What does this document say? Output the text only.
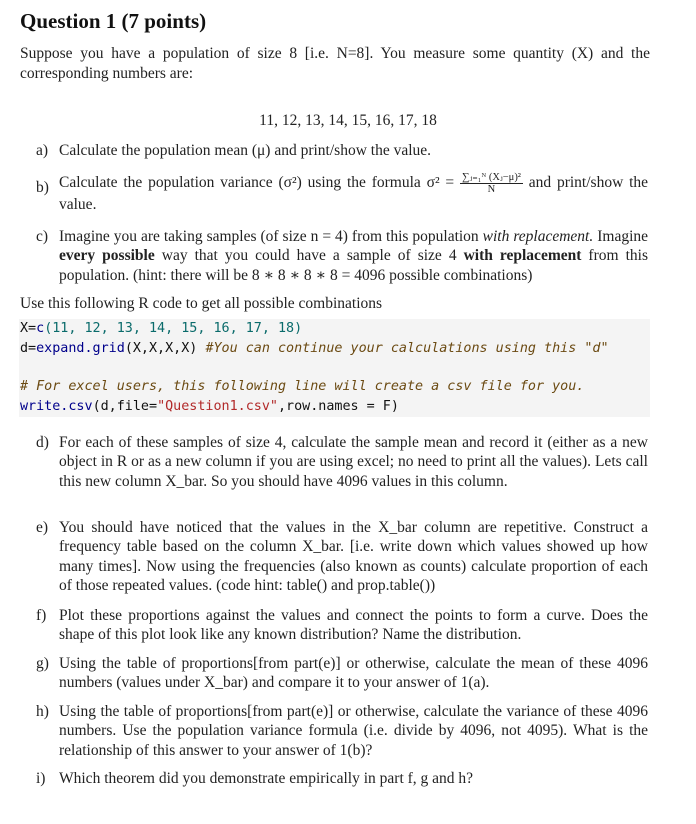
Question 1 (7 points)
Suppose you have a population of size 8 [i.e. N=8]. You measure some quantity (X) and the corresponding numbers are:
11, 12, 13, 14, 15, 16, 17, 18
a) Calculate the population mean (μ) and print/show the value.
b) Calculate the population variance (σ²) using the formula $\sigma^2 = \frac{\text{∑ⱼ₌₁ᴺ (Xⱼ−μ)²}}{N}$ and print/show the value.
c) Imagine you are taking samples (of size n = 4) from this population with replacement. Imagine every possible way that you could have a sample of size 4 with replacement from this population. (hint: there will be 8 ∗ 8 ∗ 8 ∗ 8 = 4096 possible combinations)
Use this following R code to get all possible combinations
X=c(11, 12, 13, 14, 15, 16, 17, 18)
d=expand.grid(X,X,X,X) #You can continue your calculations using this "d"
# For excel users, this following line will create a csv file for you.
write.csv(d,file="Question1.csv",row.names = F)
d) For each of these samples of size 4, calculate the sample mean and record it (either as a new object in R or as a new column if you are using excel; no need to print all the values). Lets call this new column X_bar. So you should have 4096 values in this column.
e) You should have noticed that the values in the X_bar column are repetitive. Construct a frequency table based on the column X_bar. [i.e. write down which values showed up how many times]. Now using the frequencies (also known as counts) calculate proportion of each of those repeated values. (code hint: table() and prop.table())
f) Plot these proportions against the values and connect the points to form a curve. Does the shape of this plot look like any known distribution? Name the distribution.
g) Using the table of proportions[from part(e)] or otherwise, calculate the mean of these 4096 numbers (values under X_bar) and compare it to your answer of 1(a).
h) Using the table of proportions[from part(e)] or otherwise, calculate the variance of these 4096 numbers. Use the population variance formula (i.e. divide by 4096, not 4095). What is the relationship of this answer to your answer of 1(b)?
i) Which theorem did you demonstrate empirically in part f, g and h?
